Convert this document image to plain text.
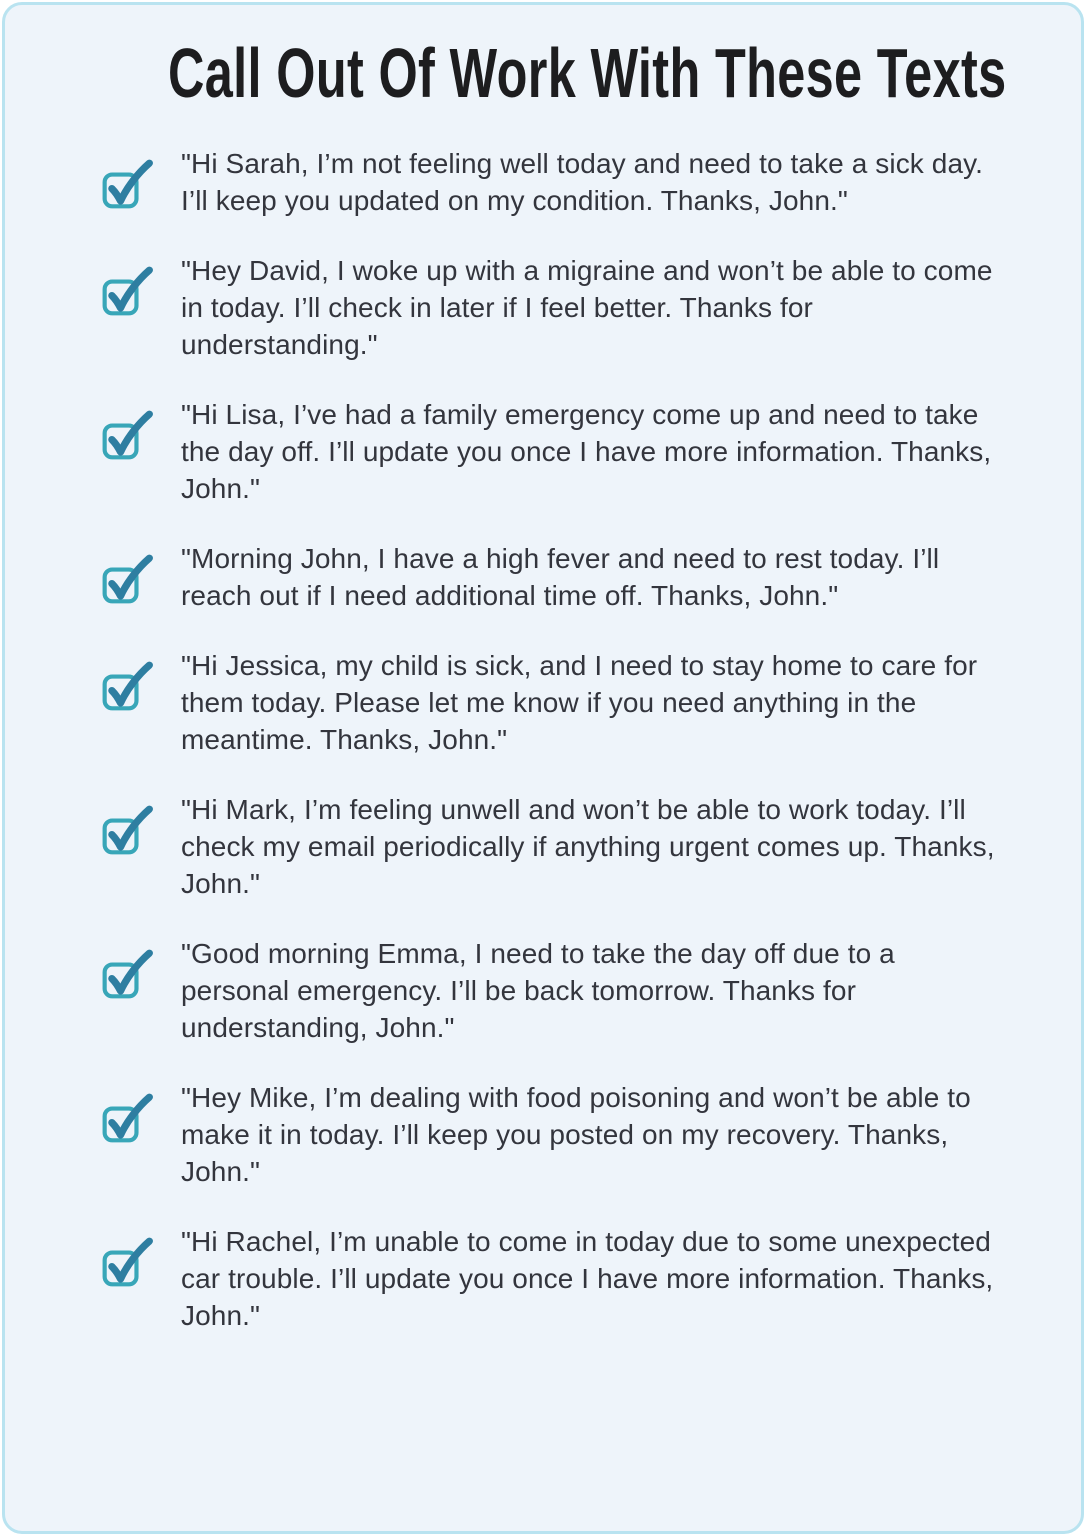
Call Out Of Work With These Texts

"Hi Sarah, I’m not feeling well today and need to take a sick day. I’ll keep you updated on my condition. Thanks, John."

"Hey David, I woke up with a migraine and won’t be able to come in today. I’ll check in later if I feel better. Thanks for understanding."

"Hi Lisa, I’ve had a family emergency come up and need to take the day off. I’ll update you once I have more information. Thanks, John."

"Morning John, I have a high fever and need to rest today. I’ll reach out if I need additional time off. Thanks, John."

"Hi Jessica, my child is sick, and I need to stay home to care for them today. Please let me know if you need anything in the meantime. Thanks, John."

"Hi Mark, I’m feeling unwell and won’t be able to work today. I’ll check my email periodically if anything urgent comes up. Thanks, John."

"Good morning Emma, I need to take the day off due to a personal emergency. I’ll be back tomorrow. Thanks for understanding, John."

"Hey Mike, I’m dealing with food poisoning and won’t be able to make it in today. I’ll keep you posted on my recovery. Thanks, John."

"Hi Rachel, I’m unable to come in today due to some unexpected car trouble. I’ll update you once I have more information. Thanks, John."
